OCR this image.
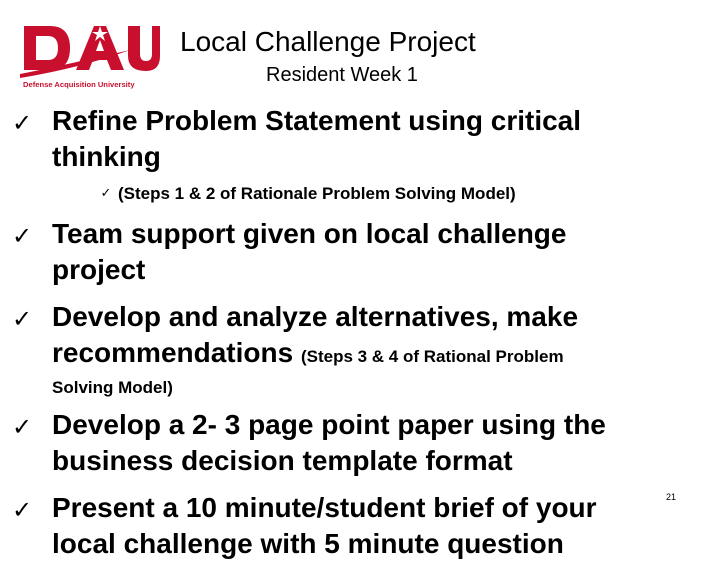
Defense Acquisition University
Local Challenge Project
Resident Week 1
✓ Refine Problem Statement using critical
thinking
✓ (Steps 1 & 2 of Rationale Problem Solving Model)
✓ Team support given on local challenge
project
✓ Develop and analyze alternatives, make
recommendations (Steps 3 & 4 of Rational Problem
Solving Model)
✓ Develop a 2- 3 page point paper using the
business decision template format
✓ Present a 10 minute/student brief of your
local challenge with 5 minute question
21
